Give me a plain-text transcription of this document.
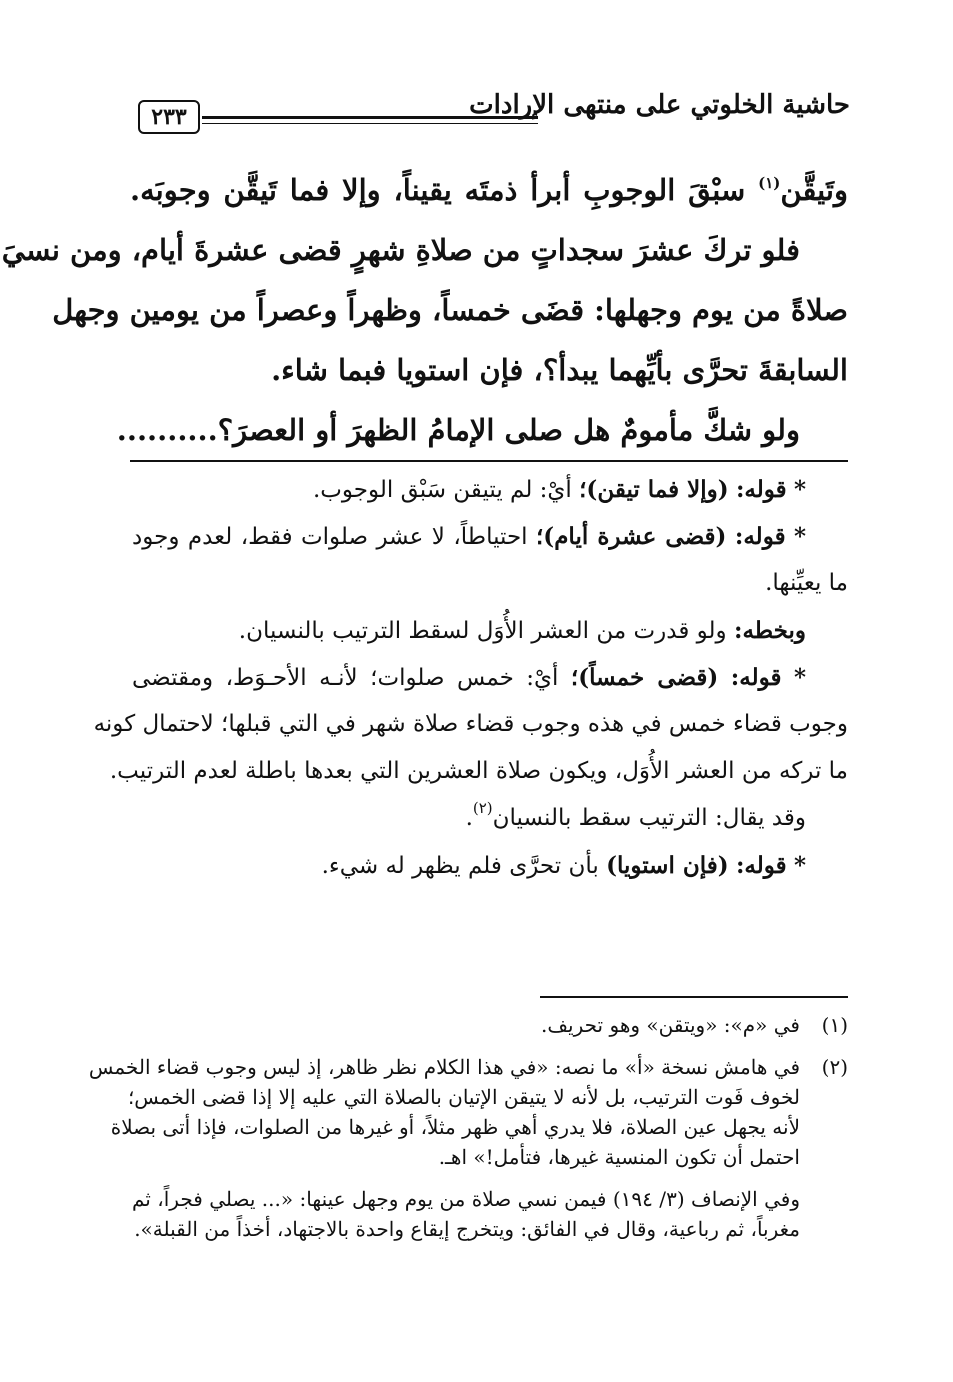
حاشية الخلوتي على منتهى الإرادات
٢٣٣
وتَيقَّن$^{(١)}$ سبْقَ الوجوبِ أبرأ ذمتَه يقيناً، وإلا فما تَيقَّن وجوبَه.
فلو تركَ عشرَ سجداتٍ من صلاةِ شهرٍ قضى عشرةَ أيام، ومن نسيَ
صلاةً من يوم وجهلها: قضَى خمساً، وظهراً وعصراً من يومين وجهل
السابقةَ تحرَّى بأيِّهما يبدأ؟، فإن استويا فبما شاء.
ولو شكَّ مأمومٌ هل صلى الإمامُ الظهرَ أو العصرَ؟..........
* قوله: (وإلا فما تيقن)؛ أيْ: لم يتيقن سَبْق الوجوب.
* قوله: (قضى عشرة أيام)؛ احتياطاً، لا عشر صلوات فقط، لعدم وجود
ما يعيِّنها.
وبخطه: ولو قدرت من العشر الأُوَل لسقط الترتيب بالنسيان.
* قوله: (قضى خمساً)؛ أيْ: خمس صلوات؛ لأنـه الأحـوَط، ومقتضى
وجوب قضاء خمس في هذه وجوب قضاء صلاة شهر في التي قبلها؛ لاحتمال كونه
ما تركه من العشر الأُوَل، ويكون صلاة العشرين التي بعدها باطلة لعدم الترتيب.
وقد يقال: الترتيب سقط بالنسيان$^{(٢)}$.
* قوله: (فإن استويا) بأن تحرَّى فلم يظهر له شيء.
(١)في «م»: «ويتقن» وهو تحريف.
(٢)في هامش نسخة «أ» ما نصه: «في هذا الكلام نظر ظاهر، إذ ليس وجوب قضاء الخمس
لخوف فَوت الترتيب، بل لأنه لا يتيقن الإتيان بالصلاة التي عليه إلا إذا قضى الخمس؛
لأنه يجهل عين الصلاة، فلا يدري أهي ظهر مثلاً، أو غيرها من الصلوات، فإذا أتى بصلاة
احتمل أن تكون المنسية غيرها، فتأمل!» اهـ.
وفي الإنصاف (٣/ ١٩٤) فيمن نسي صلاة من يوم وجهل عينها: «... يصلي فجراً، ثم
مغرباً، ثم رباعية، وقال في الفائق: ويتخرج إيقاع واحدة بالاجتهاد، أخذاً من القبلة».
